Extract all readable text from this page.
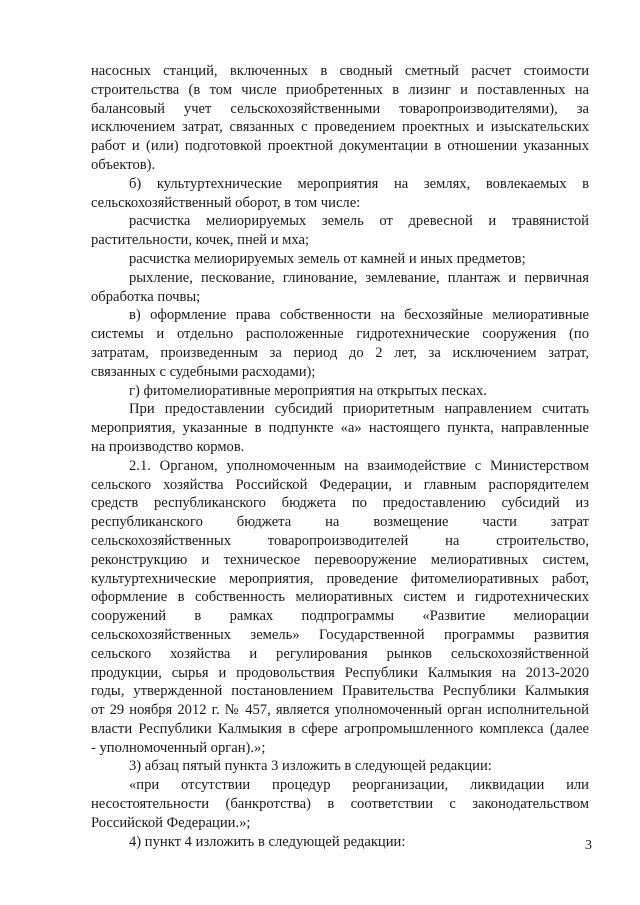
насосных станций, включенных в сводный сметный расчет стоимости
строительства (в том числе приобретенных в лизинг и поставленных на
балансовый учет сельскохозяйственными товаропроизводителями), за
исключением затрат, связанных с проведением проектных и изыскательских
работ и (или) подготовкой проектной документации в отношении указанных
объектов).
б) культуртехнические мероприятия на землях, вовлекаемых в
сельскохозяйственный оборот, в том числе:
расчистка мелиорируемых земель от древесной и травянистой
растительности, кочек, пней и мха;
расчистка мелиорируемых земель от камней и иных предметов;
рыхление, пескование, глинование, землевание, плантаж и первичная
обработка почвы;
в) оформление права собственности на бесхозяйные мелиоративные
системы и отдельно расположенные гидротехнические сооружения (по
затратам, произведенным за период до 2 лет, за исключением затрат,
связанных с судебными расходами);
г) фитомелиоративные мероприятия на открытых песках.
При предоставлении субсидий приоритетным направлением считать
мероприятия, указанные в подпункте «а» настоящего пункта, направленные
на производство кормов.
2.1. Органом, уполномоченным на взаимодействие с Министерством
сельского хозяйства Российской Федерации, и главным распорядителем
средств республиканского бюджета по предоставлению субсидий из
республиканского бюджета на возмещение части затрат
сельскохозяйственных товаропроизводителей на строительство,
реконструкцию и техническое перевооружение мелиоративных систем,
культуртехнические мероприятия, проведение фитомелиоративных работ,
оформление в собственность мелиоративных систем и гидротехнических
сооружений в рамках подпрограммы «Развитие мелиорации
сельскохозяйственных земель» Государственной программы развития
сельского хозяйства и регулирования рынков сельскохозяйственной
продукции, сырья и продовольствия Республики Калмыкия на 2013-2020
годы, утвержденной постановлением Правительства Республики Калмыкия
от 29 ноября 2012 г. № 457, является уполномоченный орган исполнительной
власти Республики Калмыкия в сфере агропромышленного комплекса (далее
- уполномоченный орган).»;
3) абзац пятый пункта 3 изложить в следующей редакции:
«при отсутствии процедур реорганизации, ликвидации или
несостоятельности (банкротства) в соответствии с законодательством
Российской Федерации.»;
4) пункт 4 изложить в следующей редакции:	3
